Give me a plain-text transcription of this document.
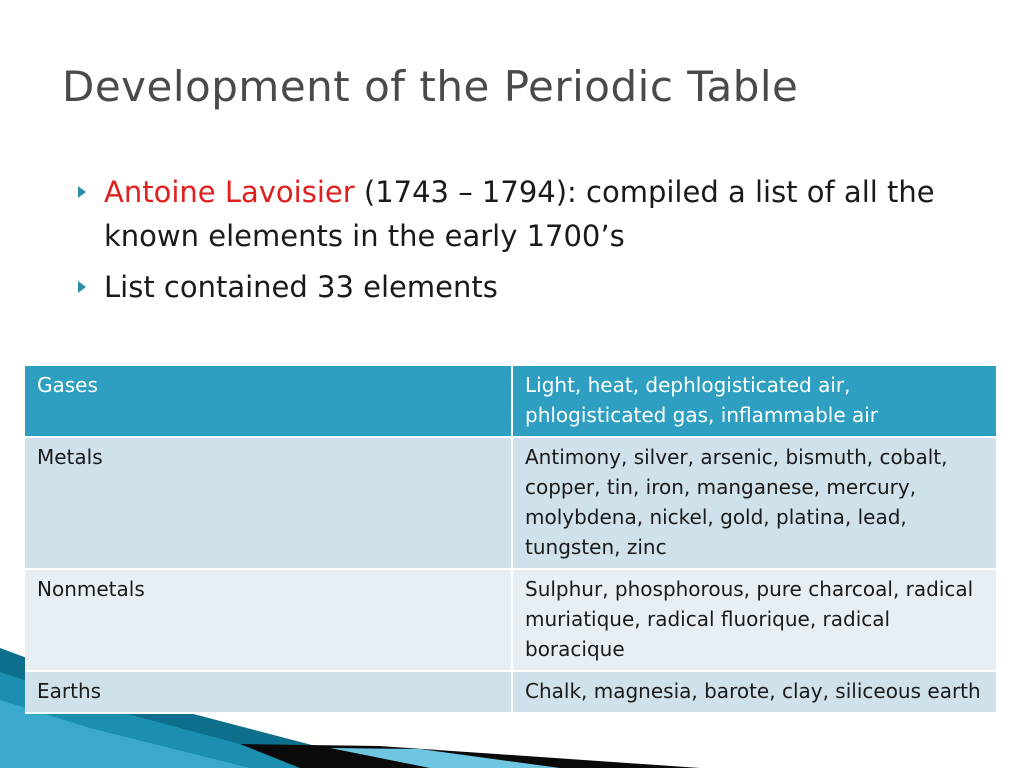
Development of the Periodic Table
Antoine Lavoisier (1743 – 1794): compiled a list of all the known elements in the early 1700’s
List contained 33 elements
Gases	Light, heat, dephlogisticated air, phlogisticated gas, inflammable air
Metals	Antimony, silver, arsenic, bismuth, cobalt, copper, tin, iron, manganese, mercury, molybdena, nickel, gold, platina, lead, tungsten, zinc
Nonmetals	Sulphur, phosphorous, pure charcoal, radical muriatique, radical fluorique, radical boracique
Earths	Chalk, magnesia, barote, clay, siliceous earth
